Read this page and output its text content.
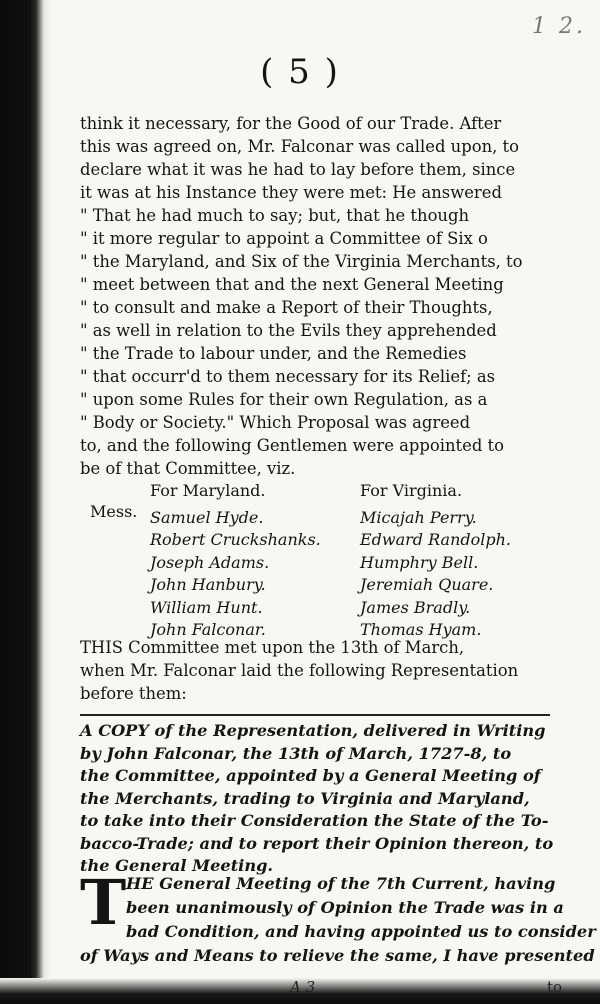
1 2.
( 5 )
think it necessary, for the Good of our Trade. After
this was agreed on, Mr. Falconar was called upon, to
declare what it was he had to lay before them, since
it was at his Instance they were met: He answered
" That he had much to say; but, that he though
" it more regular to appoint a Committee of Six o
" the Maryland, and Six of the Virginia Merchants, to
" meet between that and the next General Meeting
" to consult and make a Report of their Thoughts,
" as well in relation to the Evils they apprehended
" the Trade to labour under, and the Remedies
" that occurr'd to them necessary for its Relief; as
" upon some Rules for their own Regulation, as a
" Body or Society." Which Proposal was agreed
to, and the following Gentlemen were appointed to
be of that Committee, viz.
Mess.
For Maryland.
Samuel Hyde.
Robert Cruckshanks.
Joseph Adams.
John Hanbury.
William Hunt.
John Falconar.
For Virginia.
Micajah Perry.
Edward Randolph.
Humphry Bell.
Jeremiah Quare.
James Bradly.
Thomas Hyam.
THIS Committee met upon the 13th of March,
when Mr. Falconar laid the following Representation
before them:
A COPY of the Representation, delivered in Writing
by John Falconar, the 13th of March, 1727-8, to
the Committee, appointed by a General Meeting of
the Merchants, trading to Virginia and Maryland,
to take into their Consideration the State of the To-
bacco-Trade; and to report their Opinion thereon, to
the General Meeting.
T HE General Meeting of the 7th Current, having
been unanimously of Opinion the Trade was in a
bad Condition, and having appointed us to consider
of Ways and Means to relieve the same, I have presented
A 3	to
